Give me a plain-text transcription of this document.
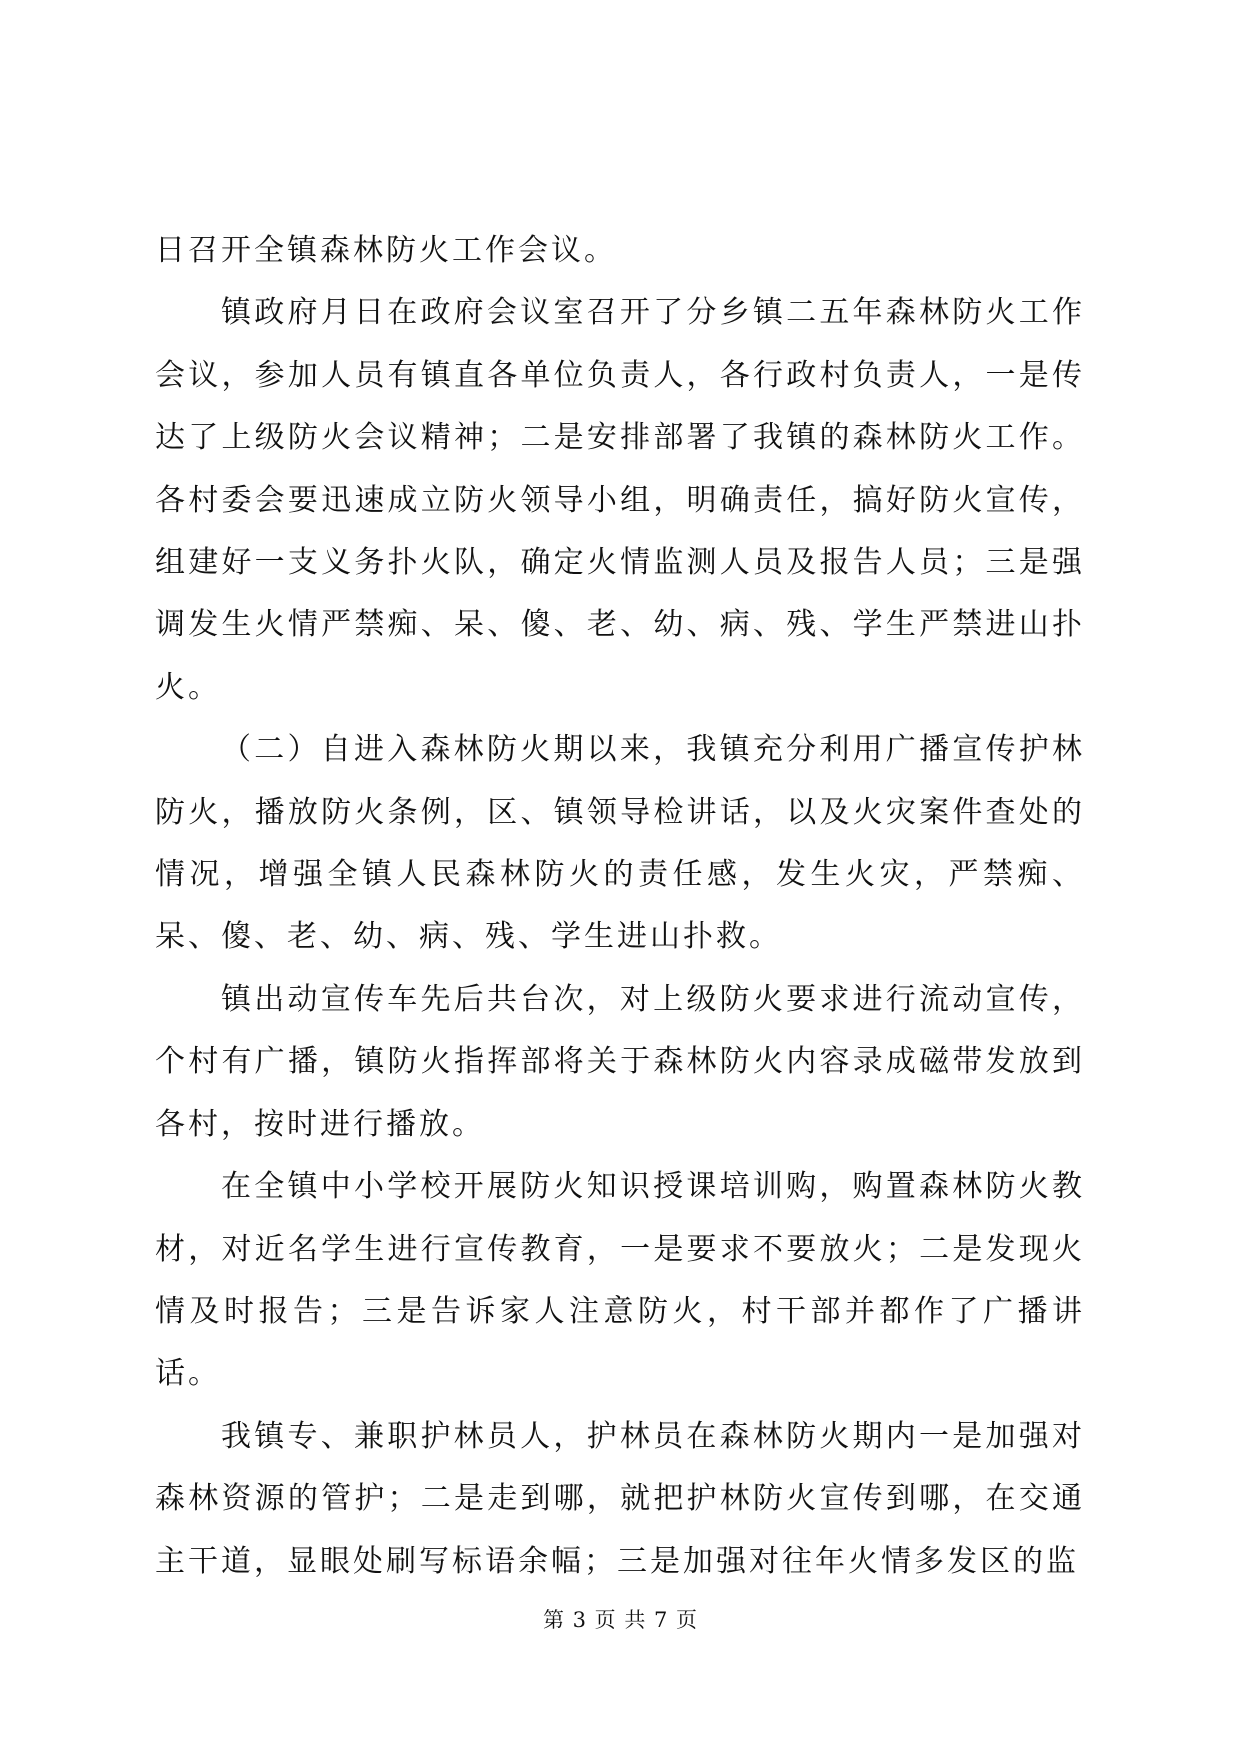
日召开全镇森林防火工作会议。

镇政府月日在政府会议室召开了分乡镇二五年森林防火工作会议，参加人员有镇直各单位负责人，各行政村负责人，一是传达了上级防火会议精神；二是安排部署了我镇的森林防火工作。各村委会要迅速成立防火领导小组，明确责任，搞好防火宣传，组建好一支义务扑火队，确定火情监测人员及报告人员；三是强调发生火情严禁痴、呆、傻、老、幼、病、残、学生严禁进山扑火。

（二）自进入森林防火期以来，我镇充分利用广播宣传护林防火，播放防火条例，区、镇领导检讲话，以及火灾案件查处的情况，增强全镇人民森林防火的责任感，发生火灾，严禁痴、呆、傻、老、幼、病、残、学生进山扑救。

镇出动宣传车先后共台次，对上级防火要求进行流动宣传，个村有广播，镇防火指挥部将关于森林防火内容录成磁带发放到各村，按时进行播放。

在全镇中小学校开展防火知识授课培训购，购置森林防火教材，对近名学生进行宣传教育，一是要求不要放火；二是发现火情及时报告；三是告诉家人注意防火，村干部并都作了广播讲话。

我镇专、兼职护林员人，护林员在森林防火期内一是加强对森林资源的管护；二是走到哪，就把护林防火宣传到哪，在交通主干道，显眼处刷写标语余幅；三是加强对往年火情多发区的监

第 3 页 共 7 页
